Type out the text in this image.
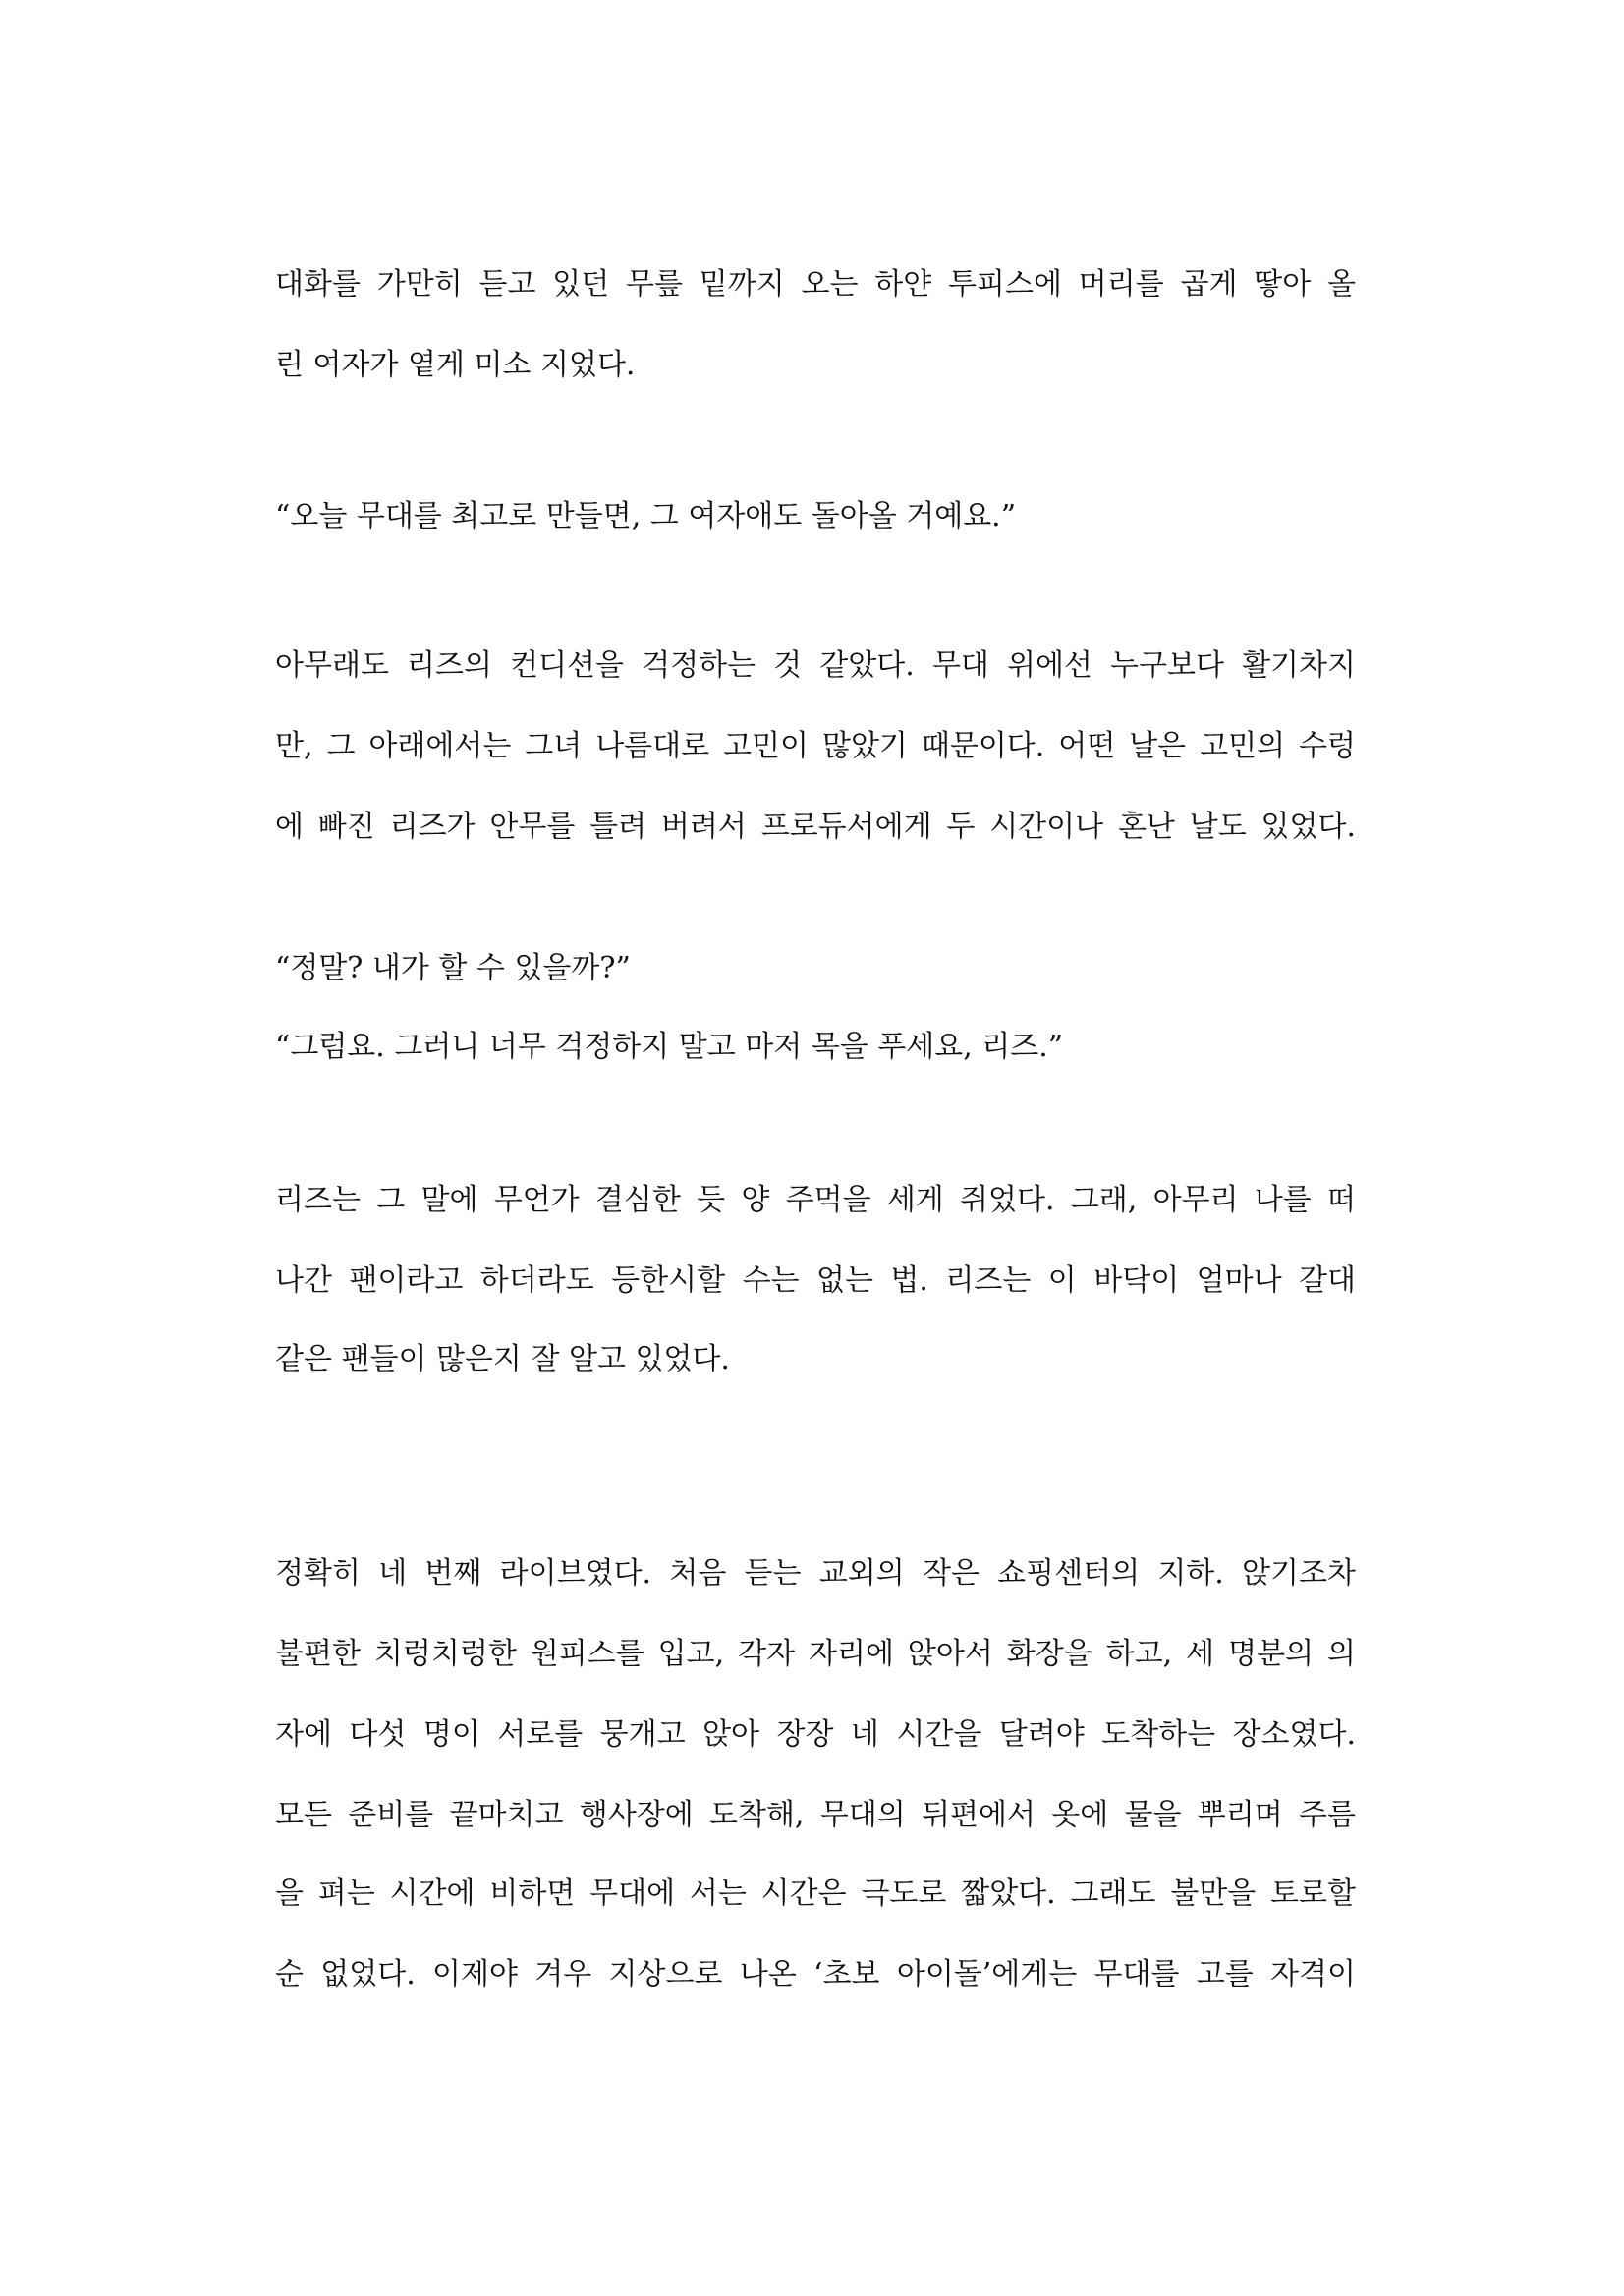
대화를 가만히 듣고 있던 무릎 밑까지 오는 하얀 투피스에 머리를 곱게 땋아 올

린 여자가 옅게 미소 지었다.

“오늘 무대를 최고로 만들면, 그 여자애도 돌아올 거예요.”

아무래도 리즈의 컨디션을 걱정하는 것 같았다. 무대 위에선 누구보다 활기차지

만, 그 아래에서는 그녀 나름대로 고민이 많았기 때문이다. 어떤 날은 고민의 수렁

에 빠진 리즈가 안무를 틀려 버려서 프로듀서에게 두 시간이나 혼난 날도 있었다.

“정말? 내가 할 수 있을까?”

“그럼요. 그러니 너무 걱정하지 말고 마저 목을 푸세요, 리즈.”

리즈는 그 말에 무언가 결심한 듯 양 주먹을 세게 쥐었다. 그래, 아무리 나를 떠

나간 팬이라고 하더라도 등한시할 수는 없는 법. 리즈는 이 바닥이 얼마나 갈대

같은 팬들이 많은지 잘 알고 있었다.

정확히 네 번째 라이브였다. 처음 듣는 교외의 작은 쇼핑센터의 지하. 앉기조차

불편한 치렁치렁한 원피스를 입고, 각자 자리에 앉아서 화장을 하고, 세 명분의 의

자에 다섯 명이 서로를 뭉개고 앉아 장장 네 시간을 달려야 도착하는 장소였다.

모든 준비를 끝마치고 행사장에 도착해, 무대의 뒤편에서 옷에 물을 뿌리며 주름

을 펴는 시간에 비하면 무대에 서는 시간은 극도로 짧았다. 그래도 불만을 토로할

순 없었다. 이제야 겨우 지상으로 나온 ‘초보 아이돌’에게는 무대를 고를 자격이
